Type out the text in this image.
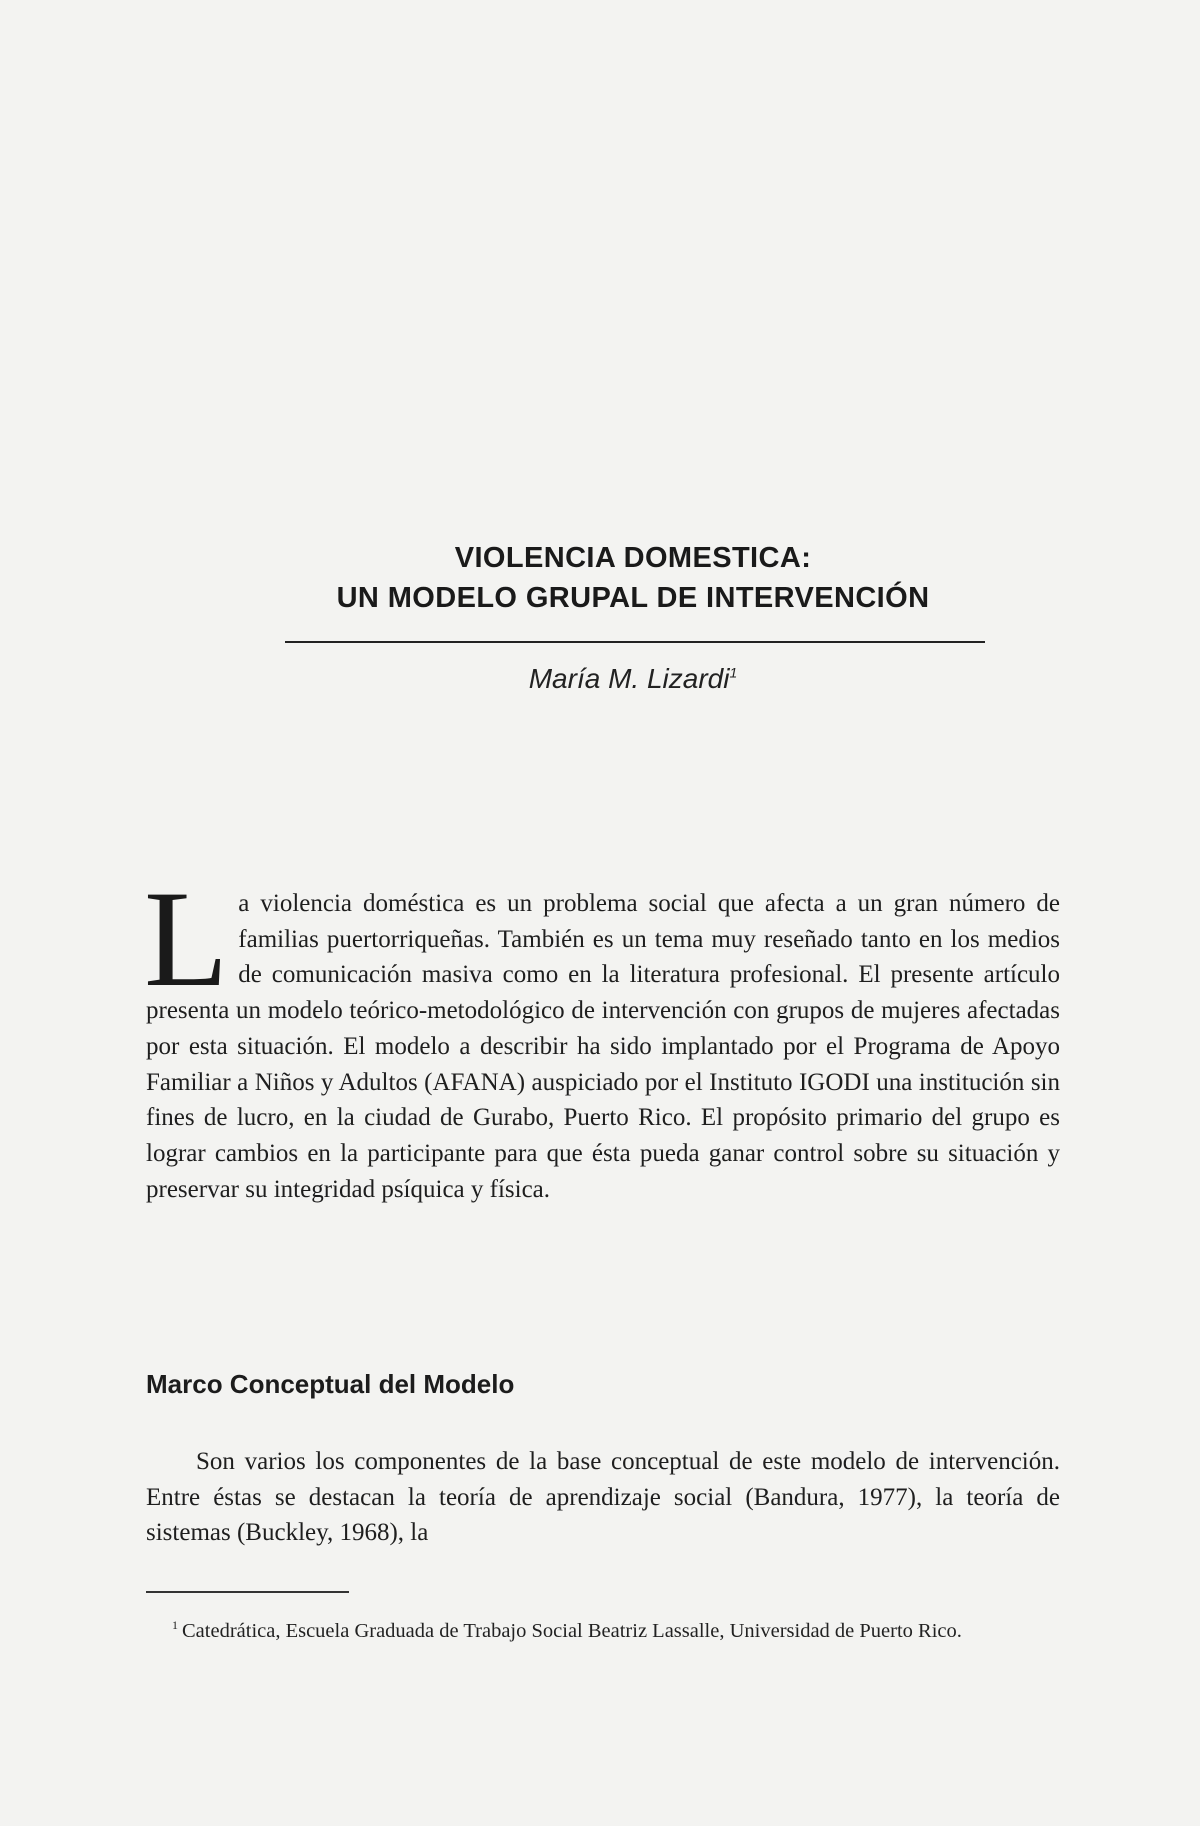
VIOLENCIA DOMESTICA:
UN MODELO GRUPAL DE INTERVENCIÓN
María M. Lizardi$^1$
La violencia doméstica es un problema social que afecta a un gran número de familias puertorriqueñas. También es un tema muy reseñado tanto en los medios de comunicación masiva como en la literatura profesional. El presente artículo presenta un modelo teórico-metodológico de intervención con grupos de mujeres afectadas por esta situación. El modelo a describir ha sido implantado por el Programa de Apoyo Familiar a Niños y Adultos (AFANA) auspiciado por el Instituto IGODI una institución sin fines de lucro, en la ciudad de Gurabo, Puerto Rico. El propósito primario del grupo es lograr cambios en la participante para que ésta pueda ganar control sobre su situación y preservar su integridad psíquica y física.
Marco Conceptual del Modelo
Son varios los componentes de la base conceptual de este modelo de intervención. Entre éstas se destacan la teoría de aprendizaje social (Bandura, 1977), la teoría de sistemas (Buckley, 1968), la
$^1$ Catedrática, Escuela Graduada de Trabajo Social Beatriz Lassalle, Universidad de Puerto Rico.
